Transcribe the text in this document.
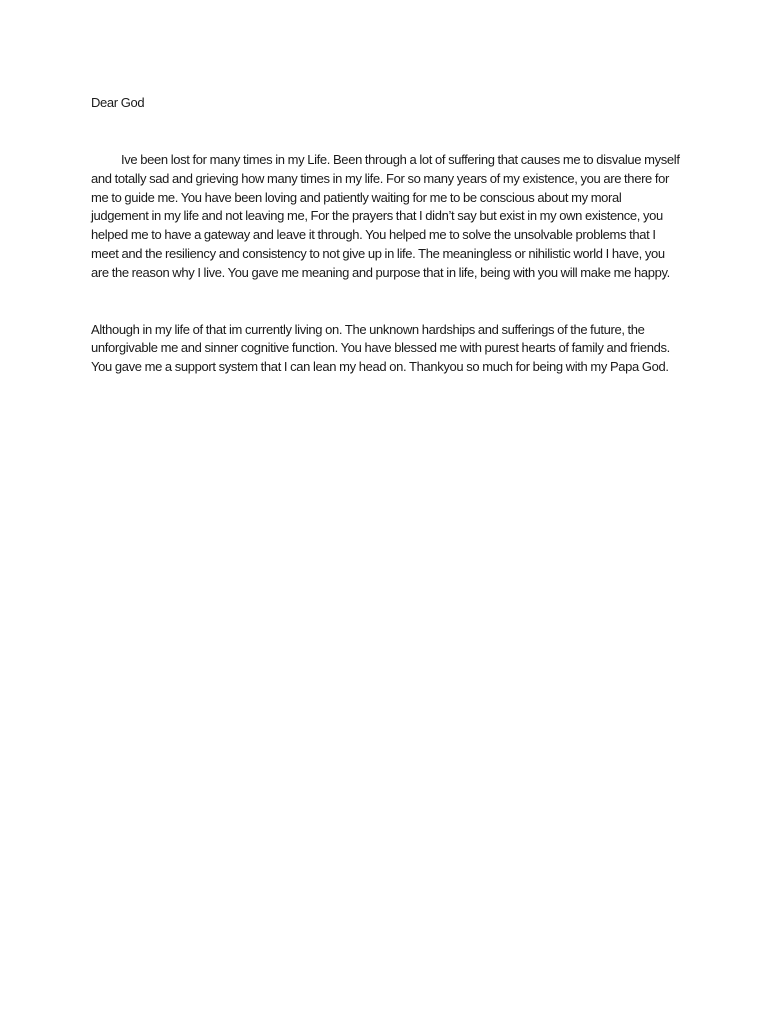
Dear God

Ive been lost for many times in my Life. Been through a lot of suffering that causes me to disvalue myself and totally sad and grieving how many times in my life. For so many years of my existence, you are there for me to guide me. You have been loving and patiently waiting for me to be conscious about my moral judgement in my life and not leaving me, For the prayers that I didn’t say but exist in my own existence, you helped me to have a gateway and leave it through. You helped me to solve the unsolvable problems that I meet and the resiliency and consistency to not give up in life. The meaningless or nihilistic world I have, you are the reason why I live. You gave me meaning and purpose that in life, being with you will make me happy.

Although in my life of that im currently living on. The unknown hardships and sufferings of the future, the unforgivable me and sinner cognitive function. You have blessed me with purest hearts of family and friends. You gave me a support system that I can lean my head on. Thankyou so much for being with my Papa God.
